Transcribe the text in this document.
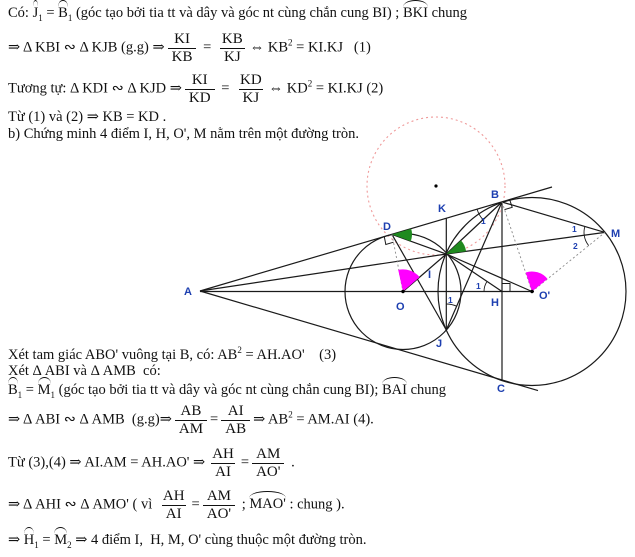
A
B
C
D
K
M
I
O	H
J
O'
1
1
1
1
2
Có: $J_1 = B_1$ (góc tạo bởi tia tt và dây và góc nt cùng chắn cung BI) ; BKI chung
⇒ Δ KBI ∾ Δ KJB (g.g) ⇒ $\frac{KI}{KB} = \frac{KB}{KJ}$ ⇔ $KB^2 = KI.KJ$   (1)
Tương tự: Δ KDI ∾ Δ KJD ⇒ $\frac{KI}{KD} = \frac{KD}{KJ}$ ⇔ $KD^2 = KI.KJ$ (2)
Từ (1) và (2) ⇒ KB = KD .
b) Chứng minh 4 điểm I, H, O', M nằm trên một đường tròn.
Xét tam giác ABO' vuông tại B, có: $AB^2 = AH.AO'$    (3)
Xét Δ ABI và Δ AMB  có:
$B_1 = M_1$ (góc tạo bởi tia tt và dây và góc nt cùng chắn cung BI); BAI chung
⇒ Δ ABI ∾ Δ AMB  (g.g)⇒ $\frac{AB}{AM} = \frac{AI}{AB}$ ⇒ $AB^2 = AM.AI$ (4).
Từ (3),(4) ⇒ AI.AM = AH.AO' ⇒ $\frac{AH}{AI} = \frac{AM}{AO'}$ .
⇒ Δ AHI ∾ Δ AMO' ( vì $\frac{AH}{AI} = \frac{AM}{AO'}$ ; MAO' : chung ).
⇒ $H_1 = M_2$ ⇒ 4 điểm I,  H, M, O' cùng thuộc một đường tròn.
